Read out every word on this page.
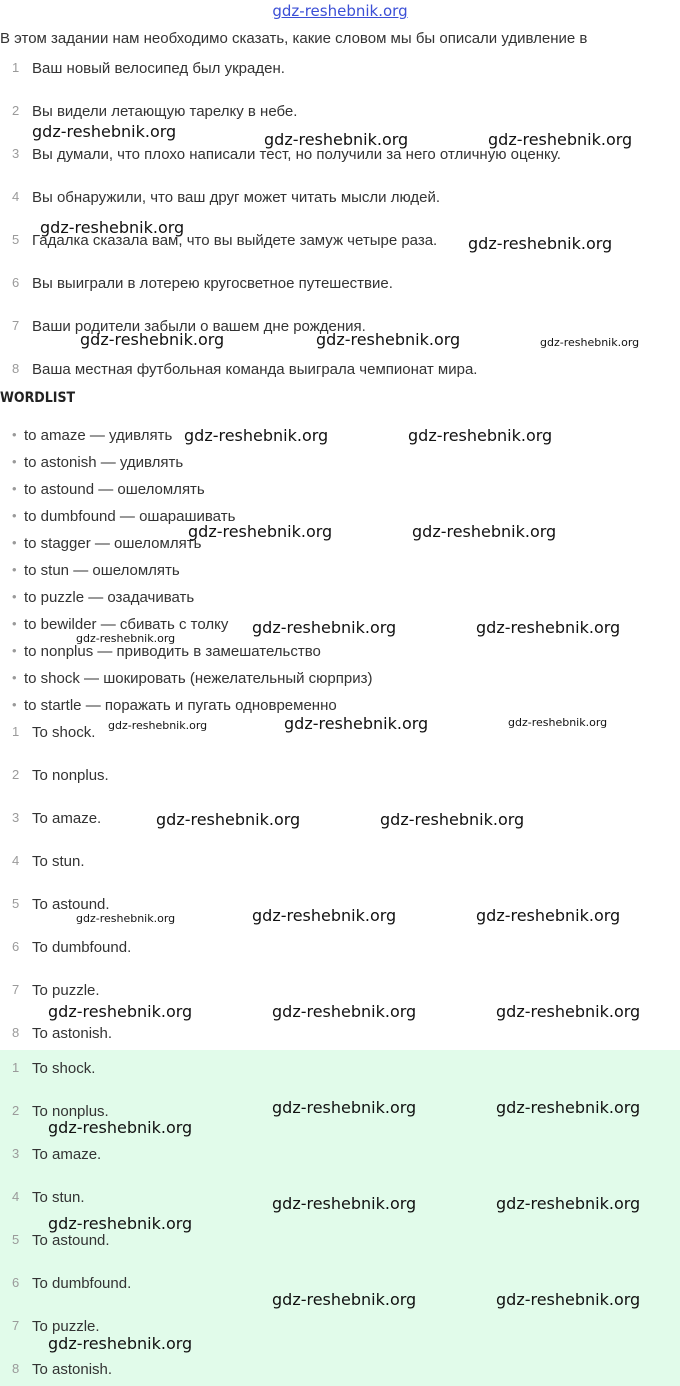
gdz-reshebnik.org
В этом задании нам необходимо сказать, какие словом мы бы описали удивление в
1 Ваш новый велосипед был украден.
2 Вы видели летающую тарелку в небе.
3 Вы думали, что плохо написали тест, но получили за него отличную оценку.
4 Вы обнаружили, что ваш друг может читать мысли людей.
5 Гадалка сказала вам, что вы выйдете замуж четыре раза.
6 Вы выиграли в лотерею кругосветное путешествие.
7 Ваши родители забыли о вашем дне рождения.
8 Ваша местная футбольная команда выиграла чемпионат мира.
WORDLIST
• to amaze — удивлять
• to astonish — удивлять
• to astound — ошеломлять
• to dumbfound — ошарашивать
• to stagger — ошеломлять
• to stun — ошеломлять
• to puzzle — озадачивать
• to bewilder — сбивать с толку
• to nonplus — приводить в замешательство
• to shock — шокировать (нежелательный сюрприз)
• to startle — поражать и пугать одновременно
1 To shock.
2 To nonplus.
3 To amaze.
4 To stun.
5 To astound.
6 To dumbfound.
7 To puzzle.
8 To astonish.
1 To shock.
2 To nonplus.
3 To amaze.
4 To stun.
5 To astound.
6 To dumbfound.
7 To puzzle.
8 To astonish.
gdz-reshebnik.org	gdz-reshebnik.org	gdz-reshebnik.org
gdz-reshebnik.org
gdz-reshebnik.org
gdz-reshebnik.org	gdz-reshebnik.org	gdz-reshebnik.org
gdz-reshebnik.org	gdz-reshebnik.org
gdz-reshebnik.org	gdz-reshebnik.org
gdz-reshebnik.org	gdz-reshebnik.org
gdz-reshebnik.org
gdz-reshebnik.org
gdz-reshebnik.org	gdz-reshebnik.org
gdz-reshebnik.org	gdz-reshebnik.org
gdz-reshebnik.org	gdz-reshebnik.org
gdz-reshebnik.org
gdz-reshebnik.org	gdz-reshebnik.org	gdz-reshebnik.org
gdz-reshebnik.org	gdz-reshebnik.org
gdz-reshebnik.org
gdz-reshebnik.org	gdz-reshebnik.org
gdz-reshebnik.org
gdz-reshebnik.org	gdz-reshebnik.org
gdz-reshebnik.org
